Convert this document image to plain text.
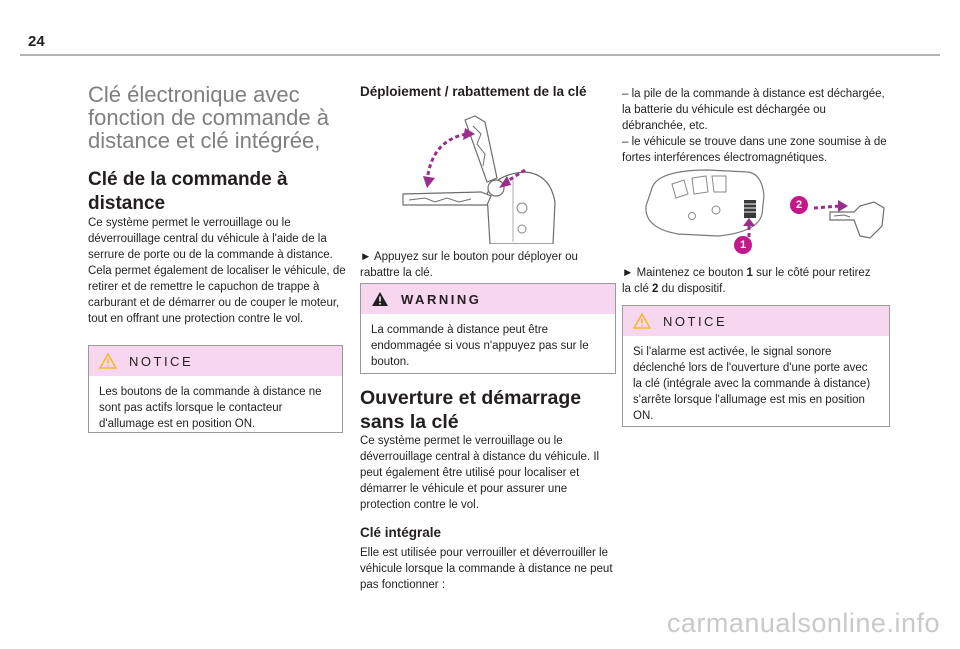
24
Clé électronique avec fonction de commande à distance et clé intégrée,
Clé de la commande à distance

Ce système permet le verrouillage ou le déverrouillage central du véhicule à l'aide de la serrure de porte ou de la commande à distance. Cela permet également de localiser le véhicule, de retirer et de remettre le capuchon de trappe à carburant et de démarrer ou de couper le moteur, tout en offrant une protection contre le vol.

NOTICE
Les boutons de la commande à distance ne sont pas actifs lorsque le contacteur d'allumage est en position ON.
Déploiement / rabattement de la clé

► Appuyez sur le bouton pour déployer ou rabattre la clé.

WARNING
La commande à distance peut être endommagée si vous n'appuyez pas sur le bouton.
Ouverture et démarrage sans la clé

Ce système permet le verrouillage ou le déverrouillage central à distance du véhicule. Il peut également être utilisé pour localiser et démarrer le véhicule et pour assurer une protection contre le vol.

Clé intégrale

Elle est utilisée pour verrouiller et déverrouiller le véhicule lorsque la commande à distance ne peut pas fonctionner :

– la pile de la commande à distance est déchargée, la batterie du véhicule est déchargée ou débranchée, etc.

– le véhicule se trouve dans une zone soumise à de fortes interférences électromagnétiques.

1
2

► Maintenez ce bouton 1 sur le côté pour retirez la clé 2 du dispositif.

NOTICE
Si l'alarme est activée, le signal sonore déclenché lors de l'ouverture d'une porte avec la clé (intégrale avec la commande à distance) s'arrête lorsque l'allumage est mis en position ON.
carmanualsonline.info
